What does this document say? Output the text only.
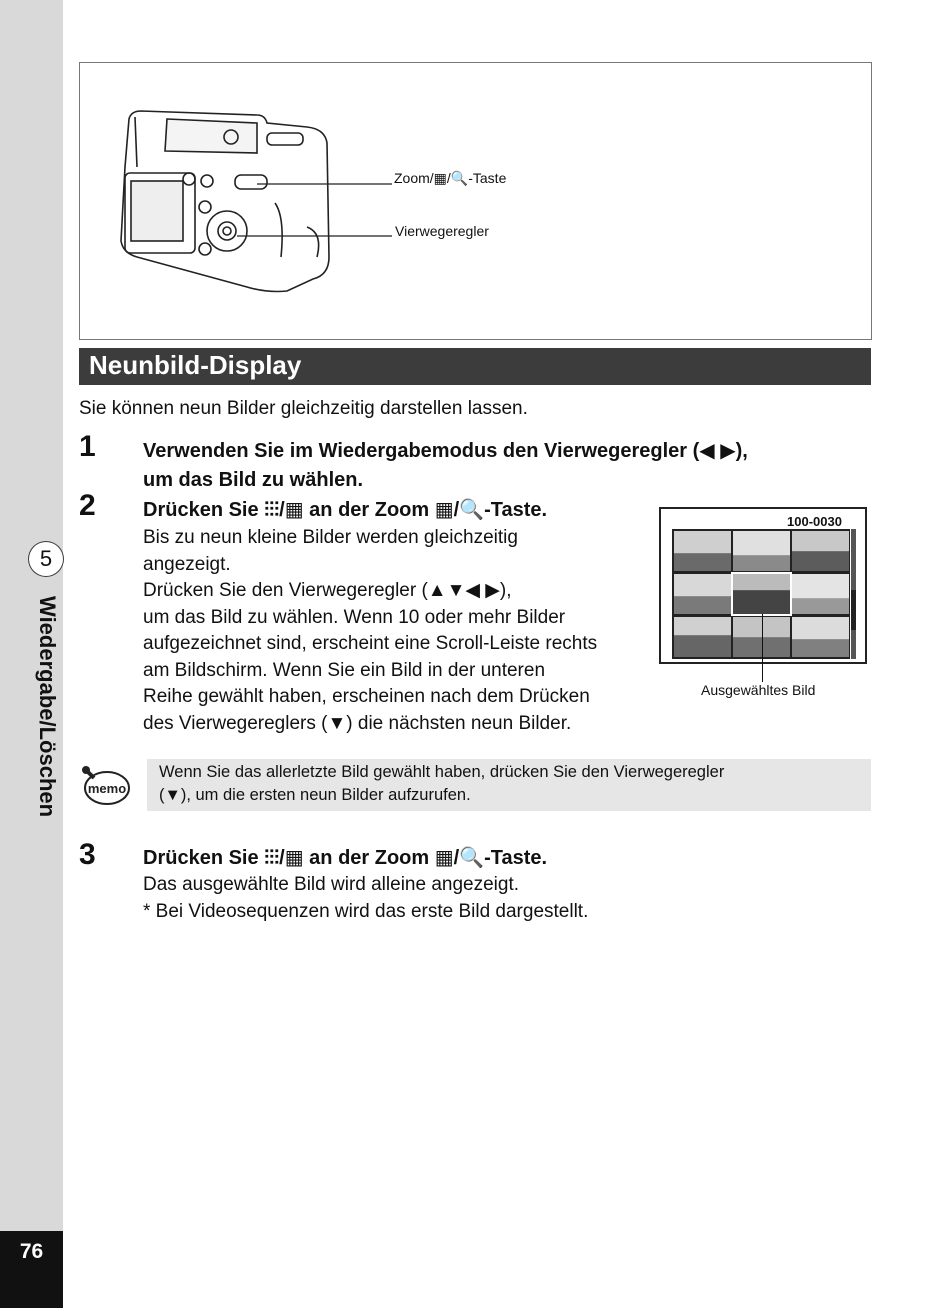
5
Wiedergabe/Löschen
76
Zoom/▦/🔍-Taste
Vierwegeregler
Neunbild-Display
Sie können neun Bilder gleichzeitig darstellen lassen.
1 Verwenden Sie im Wiedergabemodus den Vierwegeregler (◀ ▶),
um das Bild zu wählen.
2 Drücken Sie ⫶⫶⫶/▦ an der Zoom ▦/🔍-Taste.
Bis zu neun kleine Bilder werden gleichzeitig
angezeigt.
Drücken Sie den Vierwegeregler (▲▼◀ ▶),
um das Bild zu wählen. Wenn 10 oder mehr Bilder
aufgezeichnet sind, erscheint eine Scroll-Leiste rechts
am Bildschirm. Wenn Sie ein Bild in der unteren
Reihe gewählt haben, erscheinen nach dem Drücken
des Vierwegereglers (▼) die nächsten neun Bilder.
100-0030
Ausgewähltes Bild
memo
Wenn Sie das allerletzte Bild gewählt haben, drücken Sie den Vierwegeregler
(▼), um die ersten neun Bilder aufzurufen.
3 Drücken Sie ⫶⫶⫶/▦ an der Zoom ▦/🔍-Taste.
Das ausgewählte Bild wird alleine angezeigt.
* Bei Videosequenzen wird das erste Bild dargestellt.
